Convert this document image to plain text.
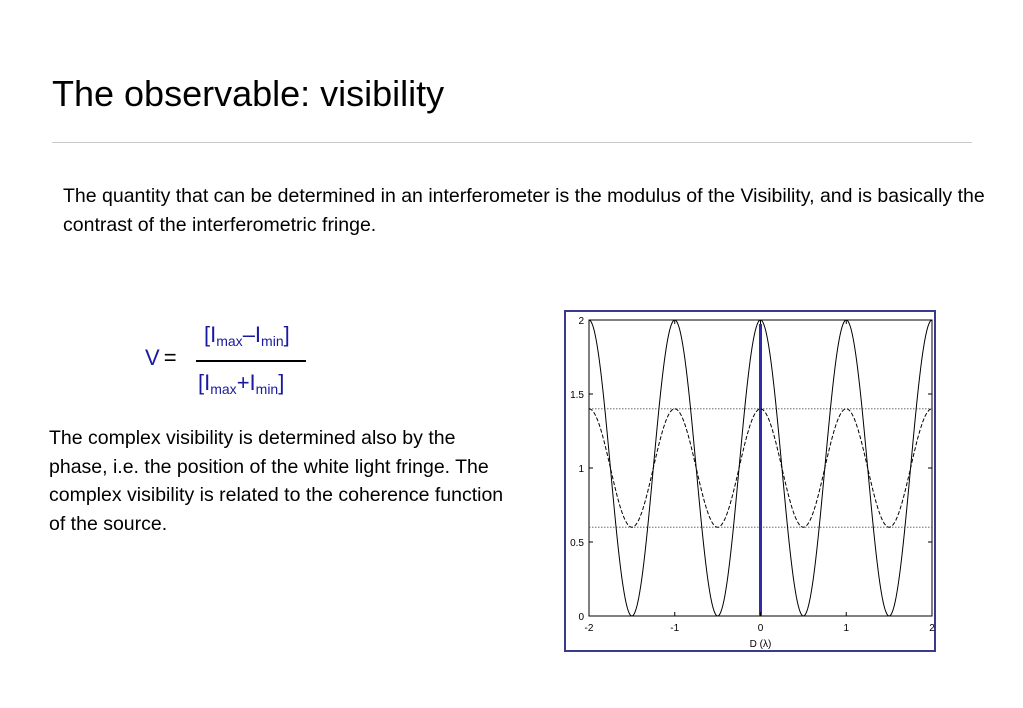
The observable: visibility

The quantity that can be determined in an interferometer is the modulus of the Visibility, and is basically the contrast of the interferometric fringe.

V =
$[I_{max}-I_{min}]$
$[I_{max}+I_{min}]$

The complex visibility is determined also by the phase, i.e. the position of the white light fringe. The complex visibility is related to the coherence function of the source.

-2	-1	0	1	2
0
0.5
1
1.5
2
D (λ)
